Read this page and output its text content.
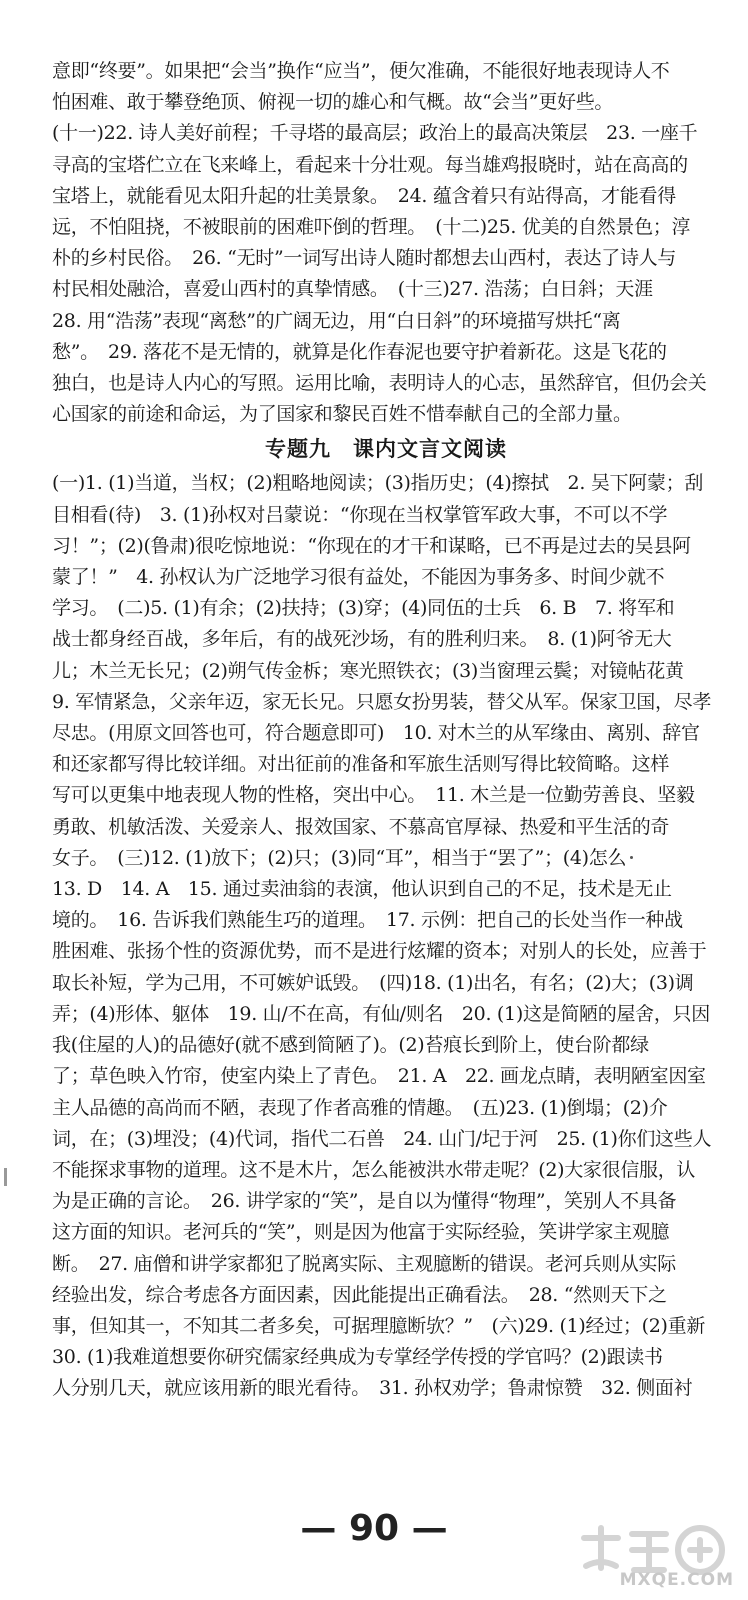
意即“终要”。如果把“会当”换作“应当”，便欠准确，不能很好地表现诗人不
怕困难、敢于攀登绝顶、俯视一切的雄心和气概。故“会当”更好些。
(十一)22. 诗人美好前程；千寻塔的最高层；政治上的最高决策层　23. 一座千
寻高的宝塔伫立在飞来峰上，看起来十分壮观。每当雄鸡报晓时，站在高高的
宝塔上，就能看见太阳升起的壮美景象。　24. 蕴含着只有站得高，才能看得
远，不怕阻挠，不被眼前的困难吓倒的哲理。　(十二)25. 优美的自然景色；淳
朴的乡村民俗。　26. “无时”一词写出诗人随时都想去山西村，表达了诗人与
村民相处融洽，喜爱山西村的真挚情感。　(十三)27. 浩荡；白日斜；天涯
28. 用“浩荡”表现“离愁”的广阔无边，用“白日斜”的环境描写烘托“离
愁”。　29. 落花不是无情的，就算是化作春泥也要守护着新花。这是飞花的
独白，也是诗人内心的写照。运用比喻，表明诗人的心志，虽然辞官，但仍会关
心国家的前途和命运，为了国家和黎民百姓不惜奉献自己的全部力量。
专题九　课内文言文阅读
(一)1. (1)当道，当权；(2)粗略地阅读；(3)指历史；(4)擦拭　2. 吴下阿蒙；刮
目相看(待)　3. (1)孙权对吕蒙说：“你现在当权掌管军政大事，不可以不学
习！”；(2)(鲁肃)很吃惊地说：“你现在的才干和谋略，已不再是过去的吴县阿
蒙了！”　4. 孙权认为广泛地学习很有益处，不能因为事务多、时间少就不
学习。　(二)5. (1)有余；(2)扶持；(3)穿；(4)同伍的士兵　6. B　7. 将军和
战士都身经百战，多年后，有的战死沙场，有的胜利归来。　8. (1)阿爷无大
儿；木兰无长兄；(2)朔气传金柝；寒光照铁衣；(3)当窗理云鬓；对镜帖花黄
9. 军情紧急，父亲年迈，家无长兄。只愿女扮男装，替父从军。保家卫国，尽孝
尽忠。(用原文回答也可，符合题意即可)　10. 对木兰的从军缘由、离别、辞官
和还家都写得比较详细。对出征前的准备和军旅生活则写得比较简略。这样
写可以更集中地表现人物的性格，突出中心。　11. 木兰是一位勤劳善良、坚毅
勇敢、机敏活泼、关爱亲人、报效国家、不慕高官厚禄、热爱和平生活的奇
女子。　(三)12. (1)放下；(2)只；(3)同“耳”，相当于“罢了”；(4)怎么
13. D　14. A　15. 通过卖油翁的表演，他认识到自己的不足，技术是无止
境的。　16. 告诉我们熟能生巧的道理。　17. 示例：把自己的长处当作一种战
胜困难、张扬个性的资源优势，而不是进行炫耀的资本；对别人的长处，应善于
取长补短，学为己用，不可嫉妒诋毁。　(四)18. (1)出名，有名；(2)大；(3)调
弄；(4)形体、躯体　19. 山/不在高，有仙/则名　20. (1)这是简陋的屋舍，只因
我(住屋的人)的品德好(就不感到简陋了)。(2)苔痕长到阶上，使台阶都绿
了；草色映入竹帘，使室内染上了青色。　21. A　22. 画龙点睛，表明陋室因室
主人品德的高尚而不陋，表现了作者高雅的情趣。　(五)23. (1)倒塌；(2)介
词，在；(3)埋没；(4)代词，指代二石兽　24. 山门/圮于河　25. (1)你们这些人
不能探求事物的道理。这不是木片，怎么能被洪水带走呢？(2)大家很信服，认
为是正确的言论。　26. 讲学家的“笑”，是自以为懂得“物理”，笑别人不具备
这方面的知识。老河兵的“笑”，则是因为他富于实际经验，笑讲学家主观臆
断。　27. 庙僧和讲学家都犯了脱离实际、主观臆断的错误。老河兵则从实际
经验出发，综合考虑各方面因素，因此能提出正确看法。　28. “然则天下之
事，但知其一，不知其二者多矣，可据理臆断欤？”　(六)29. (1)经过；(2)重新
30. (1)我难道想要你研究儒家经典成为专掌经学传授的学官吗？(2)跟读书
人分别几天，就应该用新的眼光看待。　31. 孙权劝学；鲁肃惊赞　32. 侧面衬
— 90 —
MXQE.COM
